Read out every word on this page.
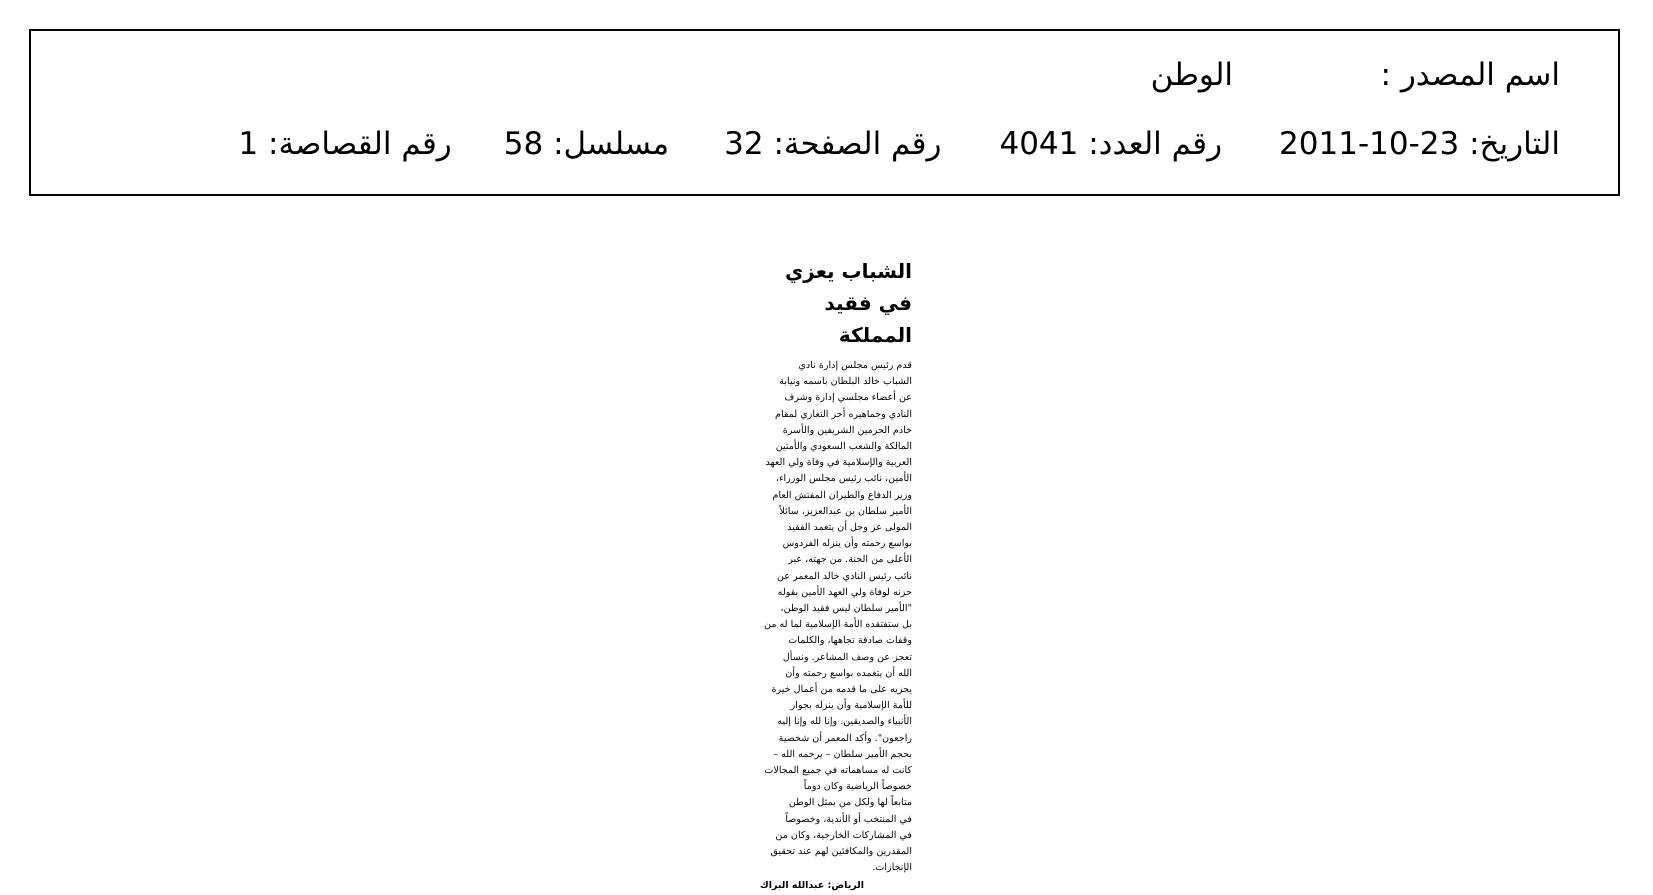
اسم المصدر :
الوطن
التاريخ: 2011-10-23رقم العدد: 4041رقم الصفحة: 32مسلسل: 58رقم القصاصة: 1
الشباب يعزي في فقيد المملكة
قدم رئيس مجلس إدارة نادي
الشباب خالد البلطان باسمه ونيابة
عن أعضاء مجلسي إدارة وشرف
النادي وجماهيره أحر التعازي لمقام
خادم الحرمين الشريفين والأسرة
المالكة والشعب السعودي والأمتين
العربية والإسلامية في وفاة ولي العهد
الأمين، نائب رئيس مجلس الوزراء،
وزير الدفاع والطيران المفتش العام
الأمير سلطان بن عبدالعزيز، سائلاً
المولى عز وجل أن يتغمد الفقيد
بواسع رحمته وأن ينزله الفردوس
الأعلى من الجنة. من جهته، عبر
نائب رئيس النادي خالد المعمر عن
حزنه لوفاة ولي العهد الأمين بقوله
"الأمير سلطان ليس فقيد الوطن،
بل ستفتقده الأمة الإسلامية لما له من
وقفات صادقة تجاهها، والكلمات
تعجز عن وصف المشاعر. ونسأل
الله أن يتغمده بواسع رحمته وأن
يجزيه على ما قدمه من أعمال خيرة
للأمة الإسلامية وأن ينزله بجوار
الأنبياء والصديقين. وإنا لله وإنا إليه
راجعون". وأكد المعمر أن شخصية
بحجم الأمير سلطان – يرحمه الله –
كانت له مساهماته في جميع المجالات
خصوصاً الرياضية وكان دوماً
متابعاً لها ولكل من يمثل الوطن
في المنتخب أو الأندية، وخصوصاً
في المشاركات الخارجية، وكان من
المقدرين والمكافئين لهم عند تحقيق
الإنجازات.
الرياض: عبدالله البراك
